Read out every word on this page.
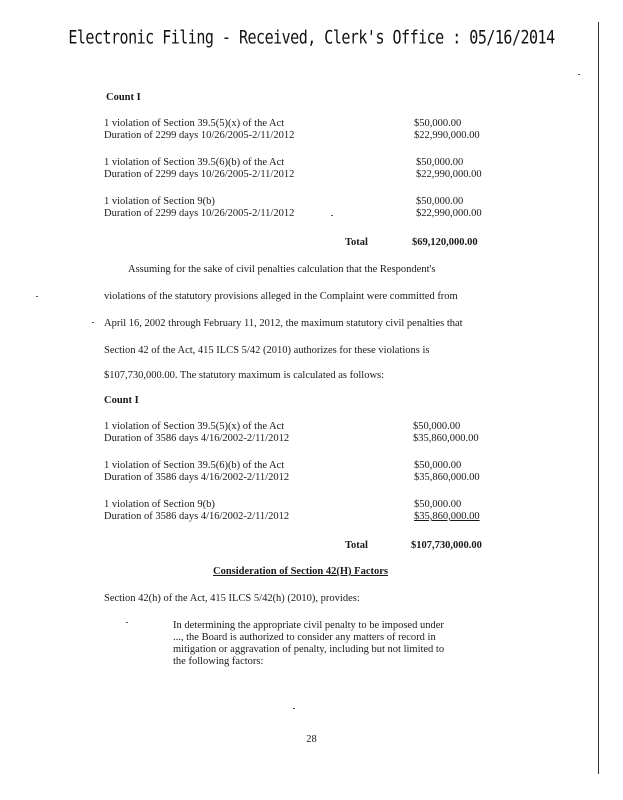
Electronic Filing - Received, Clerk's Office : 05/16/2014
Count I
1 violation of Section 39.5(5)(x) of the Act	$50,000.00
Duration of 2299 days 10/26/2005-2/11/2012	$22,990,000.00
1 violation of Section 39.5(6)(b) of the Act	$50,000.00
Duration of 2299 days 10/26/2005-2/11/2012	$22,990,000.00
1 violation of Section 9(b)	$50,000.00
Duration of 2299 days 10/26/2005-2/11/2012	$22,990,000.00
Total	$69,120,000.00
Assuming for the sake of civil penalties calculation that the Respondent's
violations of the statutory provisions alleged in the Complaint were committed from
April 16, 2002 through February 11, 2012, the maximum statutory civil penalties that
Section 42 of the Act, 415 ILCS 5/42 (2010) authorizes for these violations is
$107,730,000.00. The statutory maximum is calculated as follows:
Count I
1 violation of Section 39.5(5)(x) of the Act	$50,000.00
Duration of 3586 days 4/16/2002-2/11/2012	$35,860,000.00
1 violation of Section 39.5(6)(b) of the Act	$50,000.00
Duration of 3586 days 4/16/2002-2/11/2012	$35,860,000.00
1 violation of Section 9(b)	$50,000.00
Duration of 3586 days 4/16/2002-2/11/2012	$35,860,000.00
Total	$107,730,000.00
Consideration of Section 42(H) Factors
Section 42(h) of the Act, 415 ILCS 5/42(h) (2010), provides:
In determining the appropriate civil penalty to be imposed under
..., the Board is authorized to consider any matters of record in
mitigation or aggravation of penalty, including but not limited to
the following factors:
28
